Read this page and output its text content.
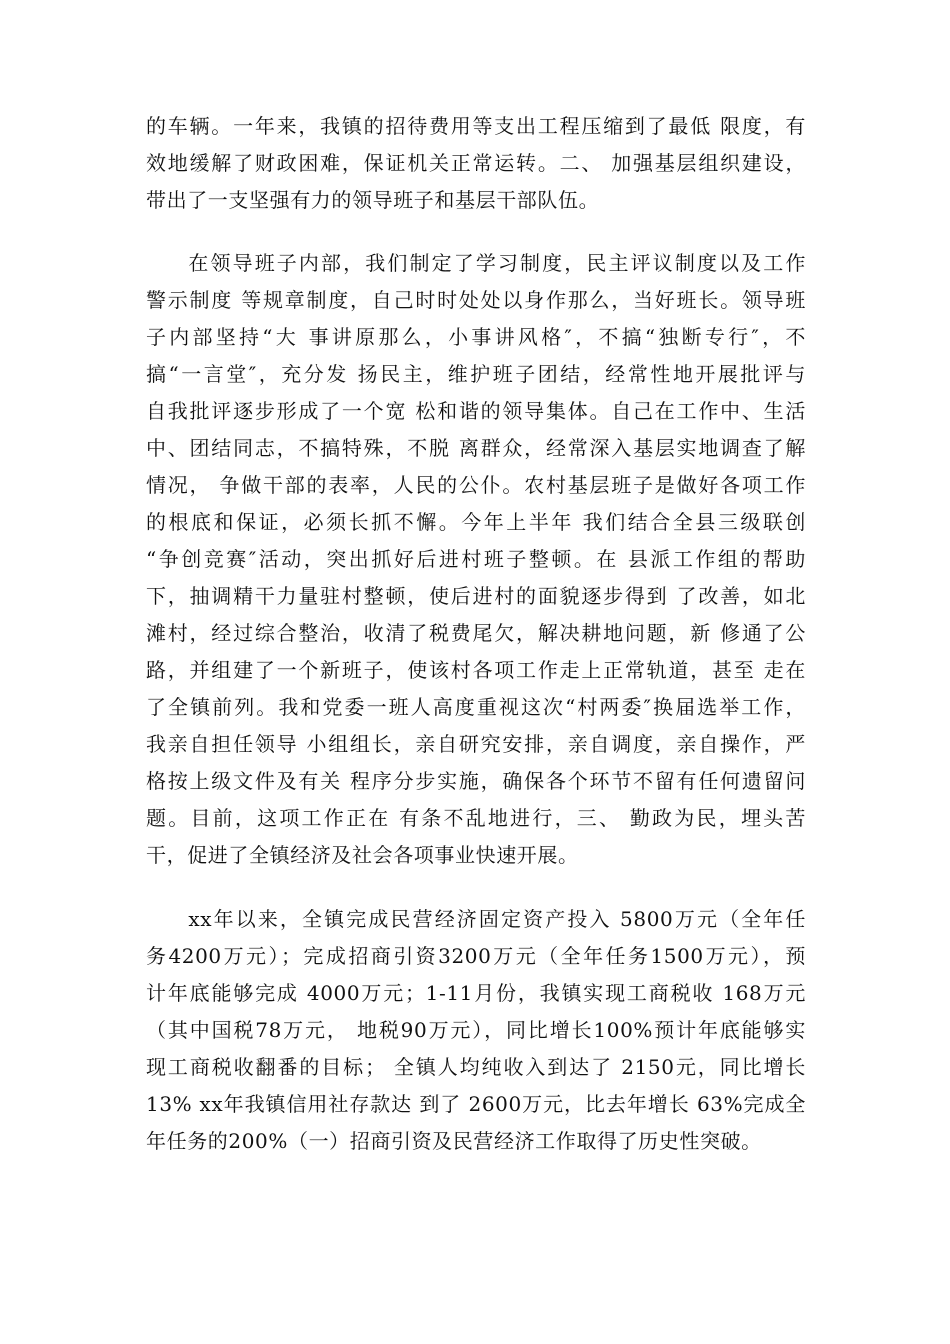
的车辆。一年来，我镇的招待费用等支出工程压缩到了最低 限度，有
效地缓解了财政困难，保证机关正常运转。二、 加强基层组织建设，
带出了一支坚强有力的领导班子和基层干部队伍。
在领导班子内部，我们制定了学习制度，民主评议制度以及工作
警示制度 等规章制度，自己时时处处以身作那么，当好班长。领导班
子内部坚持“大 事讲原那么，小事讲风格″，不搞“独断专行″，不
搞“一言堂″，充分发 扬民主，维护班子团结，经常性地开展批评与
自我批评逐步形成了一个宽 松和谐的领导集体。自己在工作中、生活
中、团结同志，不搞特殊，不脱 离群众，经常深入基层实地调查了解
情况， 争做干部的表率，人民的公仆。农村基层班子是做好各项工作
的根底和保证，必须长抓不懈。今年上半年 我们结合全县三级联创
“争创竞赛″活动，突出抓好后进村班子整顿。在 县派工作组的帮助
下，抽调精干力量驻村整顿，使后进村的面貌逐步得到 了改善，如北
滩村，经过综合整治，收清了税费尾欠，解决耕地问题，新 修通了公
路，并组建了一个新班子，使该村各项工作走上正常轨道，甚至 走在
了全镇前列。我和党委一班人高度重视这次“村两委″换届选举工作，
我亲自担任领导 小组组长，亲自研究安排，亲自调度，亲自操作，严
格按上级文件及有关 程序分步实施，确保各个环节不留有任何遗留问
题。目前，这项工作正在 有条不乱地进行，三、 勤政为民，埋头苦
干，促进了全镇经济及社会各项事业快速开展。
xx年以来，全镇完成民营经济固定资产投入 5800万元（全年任
务4200万元）；完成招商引资3200万元（全年任务1500万元），预
计年底能够完成 4000万元；1-11月份，我镇实现工商税收 168万元
（其中国税78万元， 地税90万元），同比增长100%预计年底能够实
现工商税收翻番的目标； 全镇人均纯收入到达了 2150元，同比增长
13% xx年我镇信用社存款达 到了 2600万元，比去年增长 63%完成全
年任务的200%（一）招商引资及民营经济工作取得了历史性突破。
